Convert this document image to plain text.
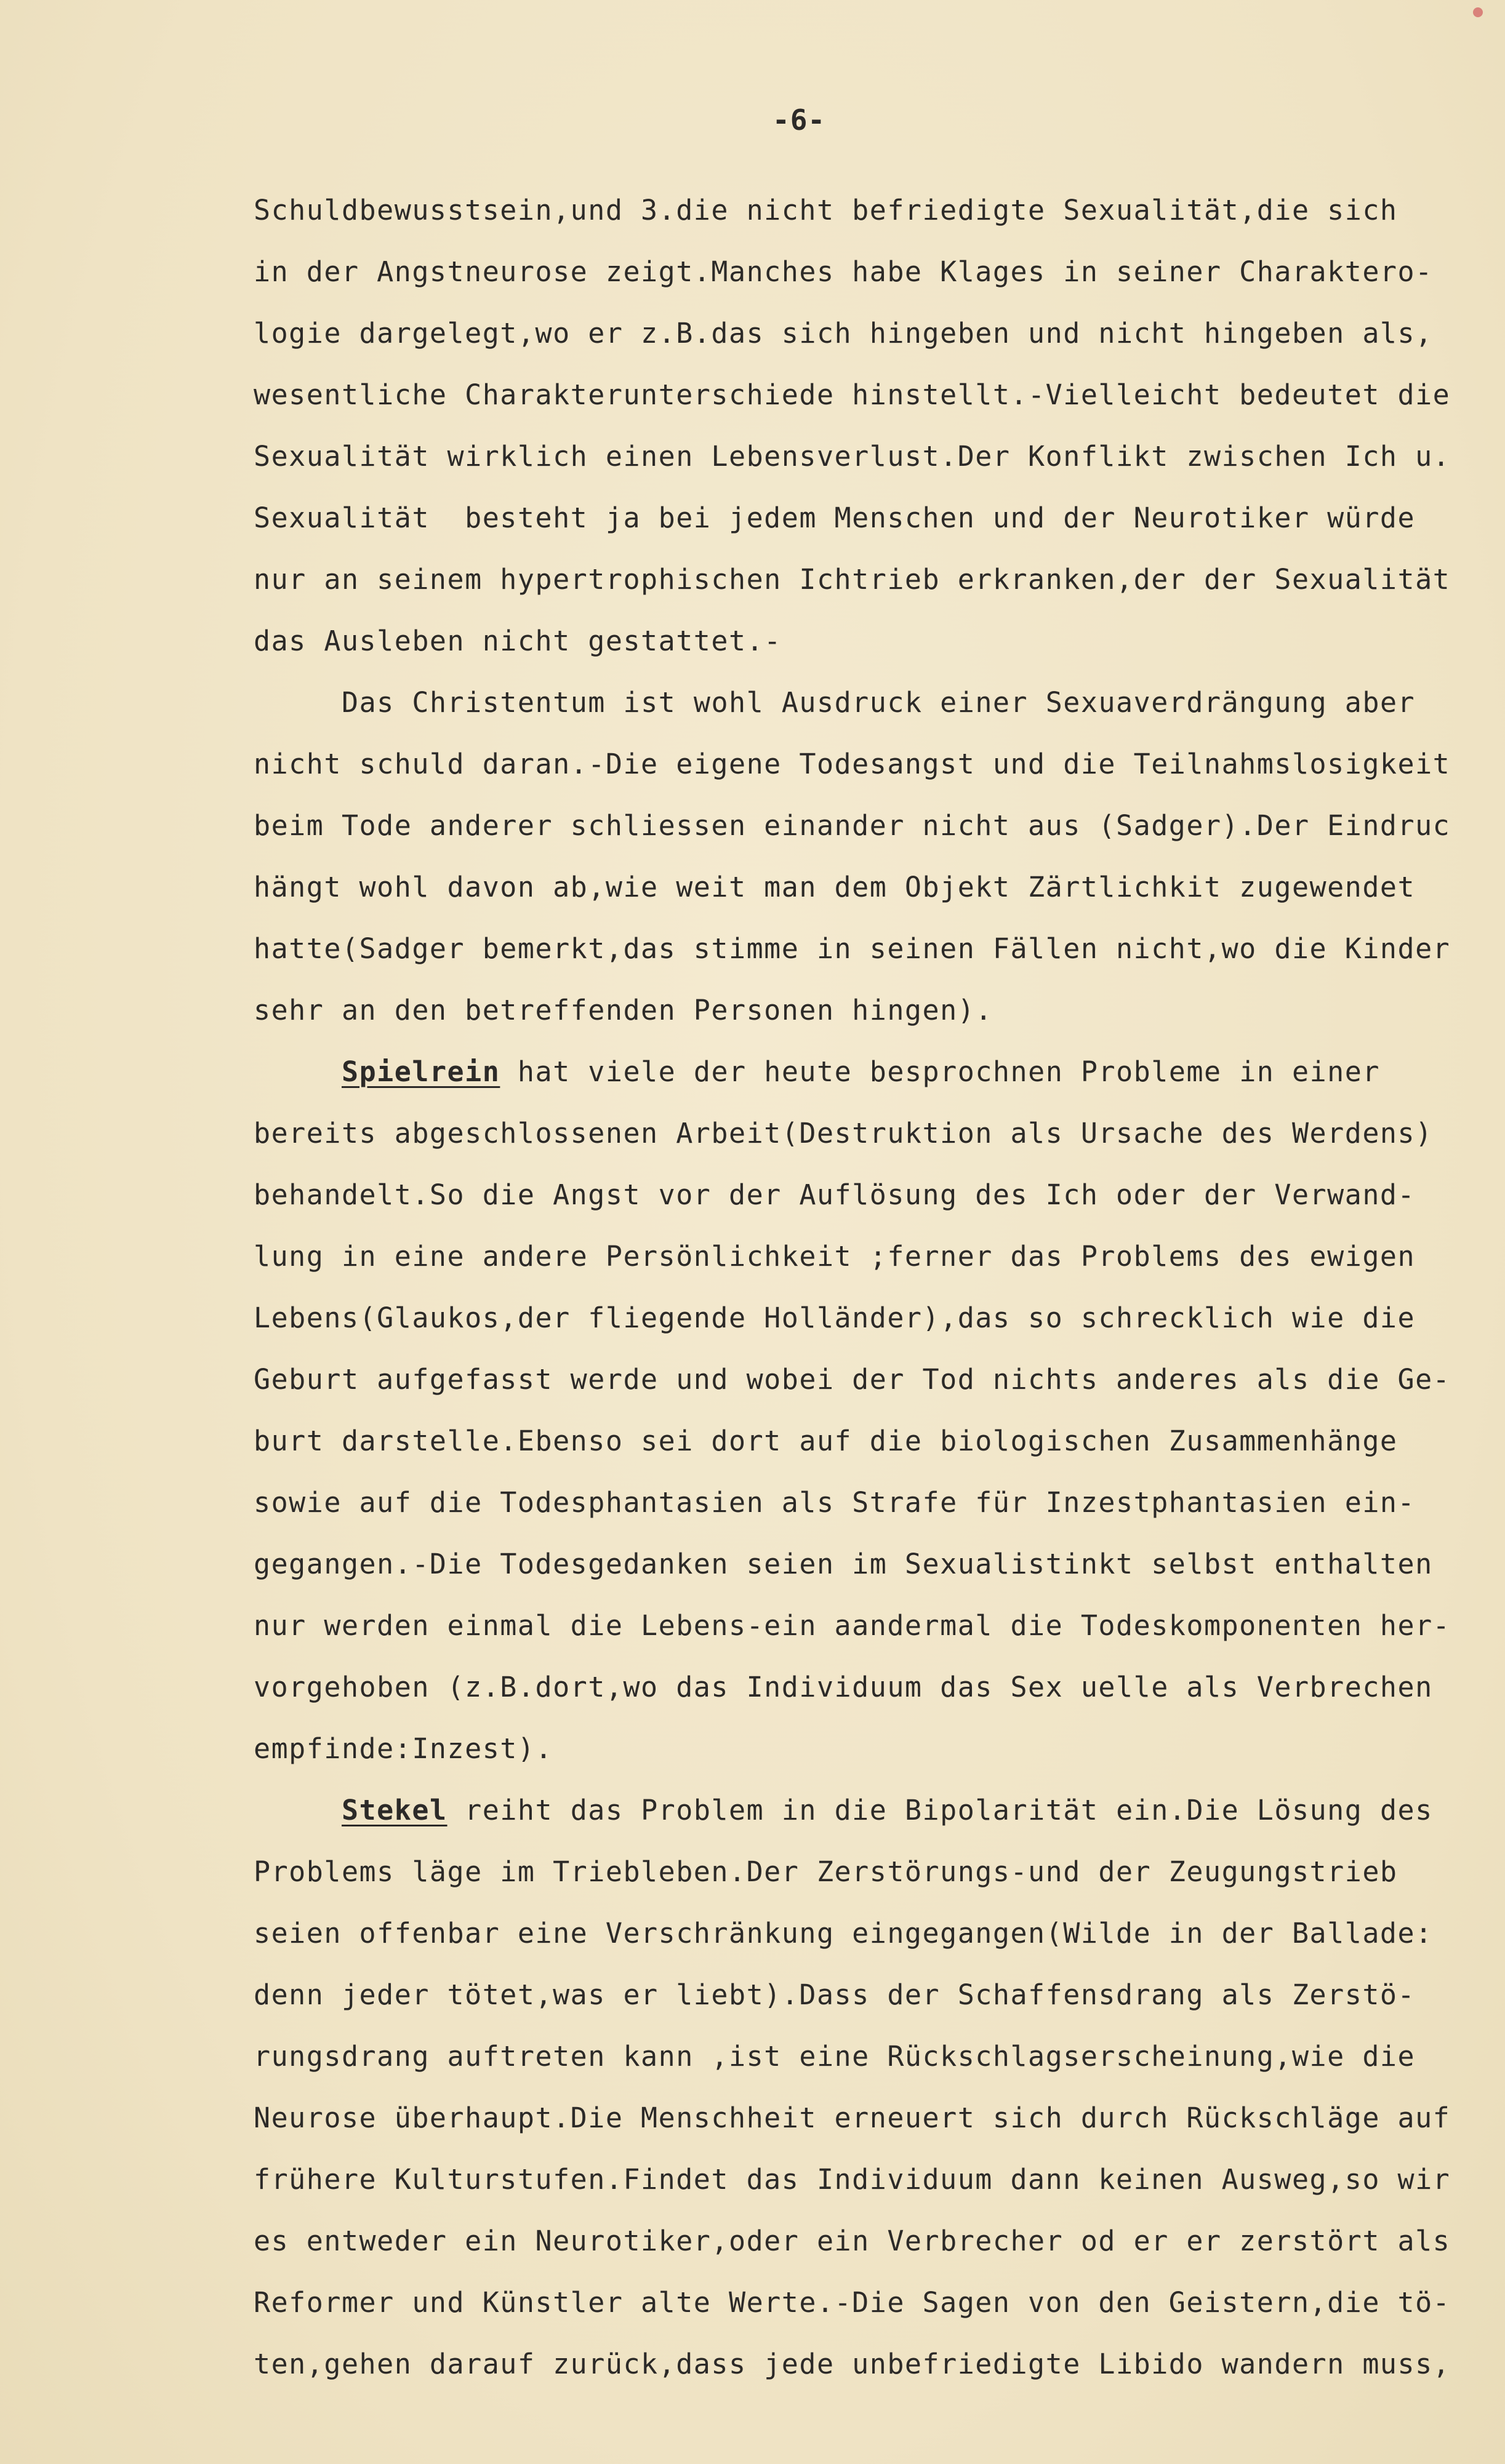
-6-
Schuldbewusstsein,und 3.die nicht befriedigte Sexualität,die sich
in der Angstneurose zeigt.Manches habe Klages in seiner Charaktero-
logie dargelegt,wo er z.B.das sich hingeben und nicht hingeben als,
wesentliche Charakterunterschiede hinstellt.-Vielleicht bedeutet die
Sexualität wirklich einen Lebensverlust.Der Konflikt zwischen Ich u.
Sexualität  besteht ja bei jedem Menschen und der Neurotiker würde
nur an seinem hypertrophischen Ichtrieb erkranken,der der Sexualität
das Ausleben nicht gestattet.-
Das Christentum ist wohl Ausdruck einer Sexuaverdrängung aber
nicht schuld daran.-Die eigene Todesangst und die Teilnahmslosigkeit
beim Tode anderer schliessen einander nicht aus (Sadger).Der Eindruc
hängt wohl davon ab,wie weit man dem Objekt Zärtlichkit zugewendet
hatte(Sadger bemerkt,das stimme in seinen Fällen nicht,wo die Kinder
sehr an den betreffenden Personen hingen).
Spielrein hat viele der heute besprochnen Probleme in einer
bereits abgeschlossenen Arbeit(Destruktion als Ursache des Werdens)
behandelt.So die Angst vor der Auflösung des Ich oder der Verwand-
lung in eine andere Persönlichkeit ;ferner das Problems des ewigen
Lebens(Glaukos,der fliegende Holländer),das so schrecklich wie die
Geburt aufgefasst werde und wobei der Tod nichts anderes als die Ge-
burt darstelle.Ebenso sei dort auf die biologischen Zusammenhänge
sowie auf die Todesphantasien als Strafe für Inzestphantasien ein-
gegangen.-Die Todesgedanken seien im Sexualistinkt selbst enthalten
nur werden einmal die Lebens-ein aandermal die Todeskomponenten her-
vorgehoben (z.B.dort,wo das Individuum das Sex uelle als Verbrechen
empfinde:Inzest).
Stekel reiht das Problem in die Bipolarität ein.Die Lösung des
Problems läge im Triebleben.Der Zerstörungs-und der Zeugungstrieb
seien offenbar eine Verschränkung eingegangen(Wilde in der Ballade:
denn jeder tötet,was er liebt).Dass der Schaffensdrang als Zerstö-
rungsdrang auftreten kann ,ist eine Rückschlagserscheinung,wie die
Neurose überhaupt.Die Menschheit erneuert sich durch Rückschläge auf
frühere Kulturstufen.Findet das Individuum dann keinen Ausweg,so wir
es entweder ein Neurotiker,oder ein Verbrecher od er er zerstört als
Reformer und Künstler alte Werte.-Die Sagen von den Geistern,die tö-
ten,gehen darauf zurück,dass jede unbefriedigte Libido wandern muss,
